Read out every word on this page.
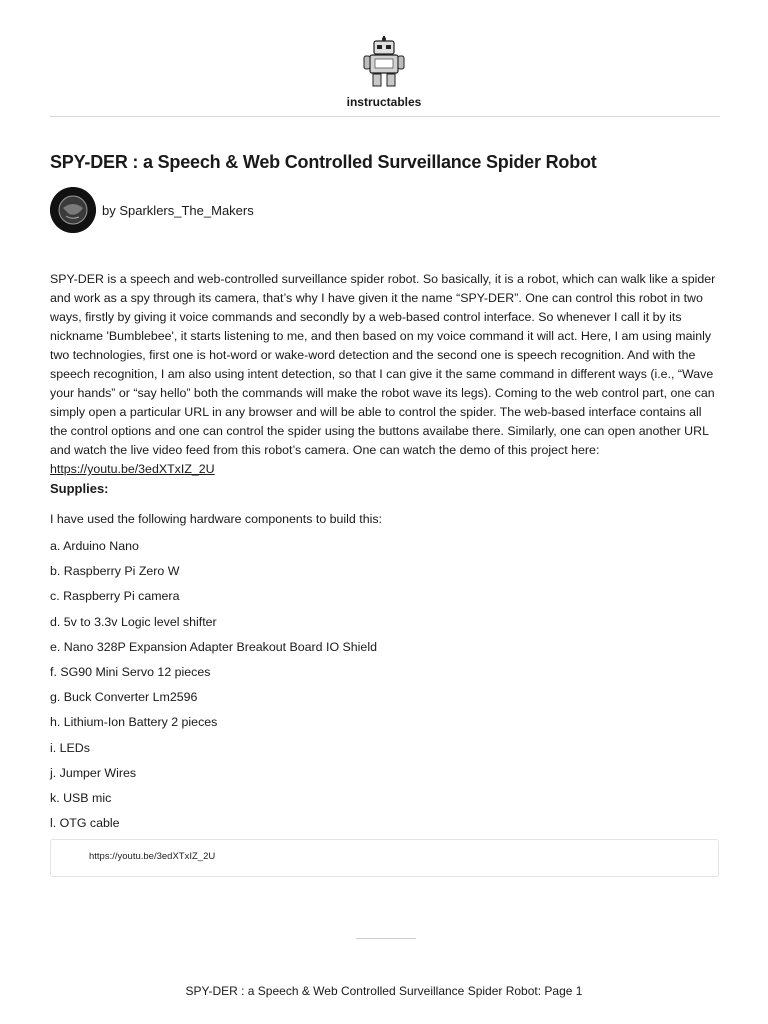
instructables
SPY-DER : a Speech & Web Controlled Surveillance Spider Robot
by Sparklers_The_Makers

SPY-DER is a speech and web-controlled surveillance spider robot. So basically, it is a robot, which can walk like a spider and work as a spy through its camera, that’s why I have given it the name “SPY-DER”. One can control this robot in two ways, firstly by giving it voice commands and secondly by a web-based control interface. So whenever I call it by its nickname 'Bumblebee', it starts listening to me, and then based on my voice command it will act. Here, I am using mainly two technologies, first one is hot-word or wake-word detection and the second one is speech recognition. And with the speech recognition, I am also using intent detection, so that I can give it the same command in different ways (i.e., “Wave your hands” or “say hello” both the commands will make the robot wave its legs). Coming to the web control part, one can simply open a particular URL in any browser and will be able to control the spider. The web-based interface contains all the control options and one can control the spider using the buttons availabe there. Similarly, one can open another URL and watch the live video feed from this robot’s camera. One can watch the demo of this project here:
https://youtu.be/3edXTxIZ_2U

Supplies:

I have used the following hardware components to build this:

a. Arduino Nano
b. Raspberry Pi Zero W
c. Raspberry Pi camera
d. 5v to 3.3v Logic level shifter
e. Nano 328P Expansion Adapter Breakout Board IO Shield
f. SG90 Mini Servo 12 pieces
g. Buck Converter Lm2596
h. Lithium-Ion Battery 2 pieces
i. LEDs
j. Jumper Wires
k. USB mic
l. OTG cable
https://youtu.be/3edXTxIZ_2U
SPY-DER : a Speech & Web Controlled Surveillance Spider Robot: Page 1
